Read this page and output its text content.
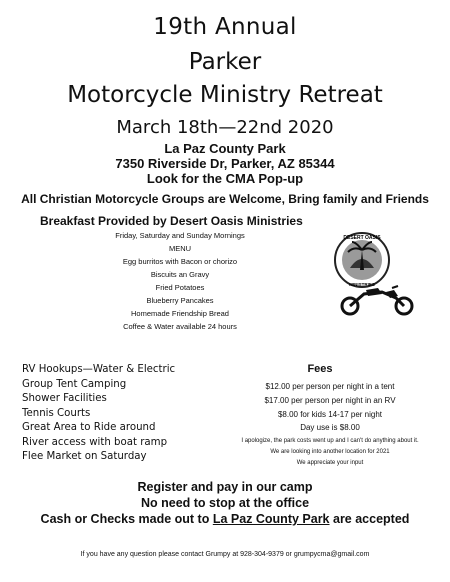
19th Annual
Parker
Motorcycle Ministry Retreat
March 18th—22nd 2020
La Paz County Park
7350 Riverside Dr, Parker, AZ 85344
Look for the CMA Pop-up
All Christian Motorcycle Groups are Welcome, Bring family and Friends
Breakfast Provided by Desert Oasis Ministries
Friday, Saturday and Sunday Mornings
MENU
Egg burritos with Bacon or chorizo
Biscuits an Gravy
Fried Potatoes
Blueberry Pancakes
Homemade Friendship Bread
Coffee & Water available 24 hours
DESERT OASIS
MINISTRIES
RV Hookups—Water & Electric
Group Tent Camping
Shower Facilities
Tennis Courts
Great Area to Ride around
River access with boat ramp
Flee Market on Saturday
Fees
$12.00 per person per night in a tent
$17.00 per person per night in an RV
$8.00 for kids 14-17 per night
Day use is $8.00
I apologize, the park costs went up and I can't do anything about it.
We are looking into another location for 2021
We appreciate your input
Register and pay in our camp
No need to stop at the office
Cash or Checks made out to La Paz County Park are accepted
If you have any question please contact Grumpy at 928-304-9379 or grumpycma@gmail.com
